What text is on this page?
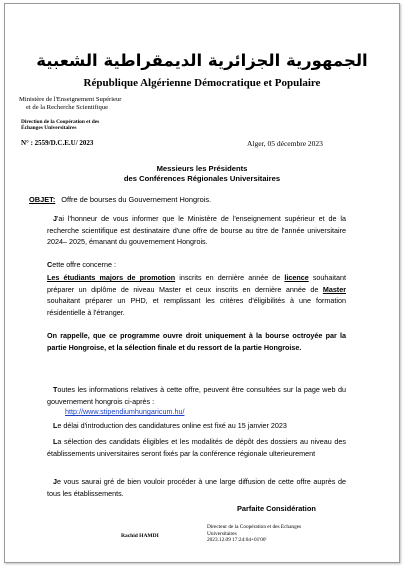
الجمهورية الجزائرية الديمقراطية الشعبية
République Algérienne Démocratique et Populaire
Ministère de l'Enseignement Supérieur
et de la Recherche Scientifique
Direction de la Coopération et des
Échanges Universitaires
N° : 2559/D.C.E.U/ 2023	Alger, 05 décembre 2023
Messieurs les Présidents
des Conférences Régionales Universitaires
OBJET: Offre de bourses du Gouvernement Hongrois.

J'ai l'honneur de vous informer que le Ministère de l'enseignement supérieur et de la recherche scientifique est destinataire d'une offre de bourse au titre de l'année universitaire 2024– 2025, émanant du gouvernement Hongrois.

Cette offre concerne :

Les étudiants majors de promotion inscrits en dernière année de licence souhaitant préparer un diplôme de niveau Master et ceux inscrits en dernière année de Master souhaitant préparer un PHD, et remplissant les critères d'éligibilités à une formation résidentielle à l'étranger.

On rappelle, que ce programme ouvre droit uniquement à la bourse octroyée par la partie Hongroise, et la sélection finale et du ressort de la partie Hongroise.

Toutes les informations relatives à cette offre, peuvent être consultées sur la page web du gouvernement hongrois ci-après :

http://www.stipendiumhungaricum.hu/

Le délai d'introduction des candidatures online est fixé au 15 janvier 2023

La sélection des candidats éligibles et les modalités de dépôt des dossiers au niveau des établissements universitaires seront fixés par la conférence régionale ulterieurement

Je vous saurai gré de bien vouloir procéder à une large diffusion de cette offre auprès de tous les établissements.

Parfaite Considération
Rachid HAMDI
Directeur de la Coopération et des Echanges Universitaires
2023.12.09 17:24:04+01'00'
